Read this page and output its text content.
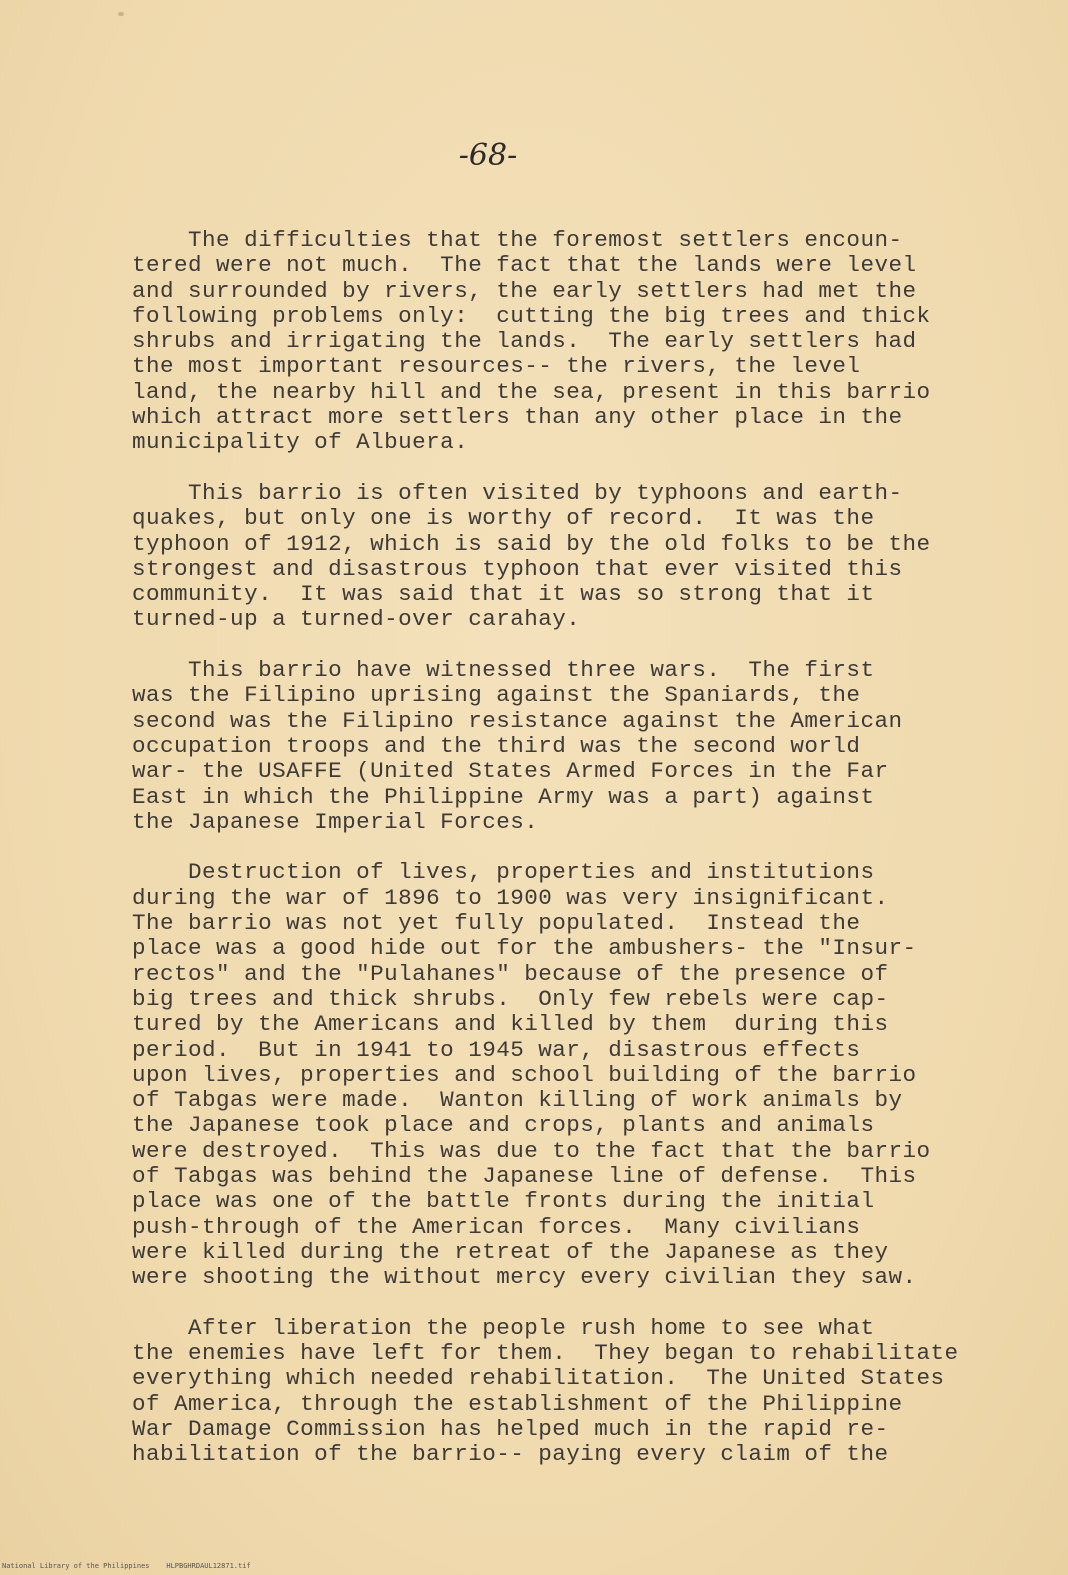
-68-
The difficulties that the foremost settlers encoun-
tered were not much.  The fact that the lands were level
and surrounded by rivers, the early settlers had met the
following problems only:  cutting the big trees and thick
shrubs and irrigating the lands.  The early settlers had
the most important resources-- the rivers, the level
land, the nearby hill and the sea, present in this barrio
which attract more settlers than any other place in the
municipality of Albuera.
This barrio is often visited by typhoons and earth-
quakes, but only one is worthy of record.  It was the
typhoon of 1912, which is said by the old folks to be the
strongest and disastrous typhoon that ever visited this
community.  It was said that it was so strong that it
turned-up a turned-over carahay.
This barrio have witnessed three wars.  The first
was the Filipino uprising against the Spaniards, the
second was the Filipino resistance against the American
occupation troops and the third was the second world
war- the USAFFE (United States Armed Forces in the Far
East in which the Philippine Army was a part) against
the Japanese Imperial Forces.
Destruction of lives, properties and institutions
during the war of 1896 to 1900 was very insignificant.
The barrio was not yet fully populated.  Instead the
place was a good hide out for the ambushers- the "Insur-
rectos" and the "Pulahanes" because of the presence of
big trees and thick shrubs.  Only few rebels were cap-
tured by the Americans and killed by them  during this
period.  But in 1941 to 1945 war, disastrous effects
upon lives, properties and school building of the barrio
of Tabgas were made.  Wanton killing of work animals by
the Japanese took place and crops, plants and animals
were destroyed.  This was due to the fact that the barrio
of Tabgas was behind the Japanese line of defense.  This
place was one of the battle fronts during the initial
push-through of the American forces.  Many civilians
were killed during the retreat of the Japanese as they
were shooting the without mercy every civilian they saw.
After liberation the people rush home to see what
the enemies have left for them.  They began to rehabilitate
everything which needed rehabilitation.  The United States
of America, through the establishment of the Philippine
War Damage Commission has helped much in the rapid re-
habilitation of the barrio-- paying every claim of the
National Library of the Philippines    HLPBGHRDAUL12871.tif
